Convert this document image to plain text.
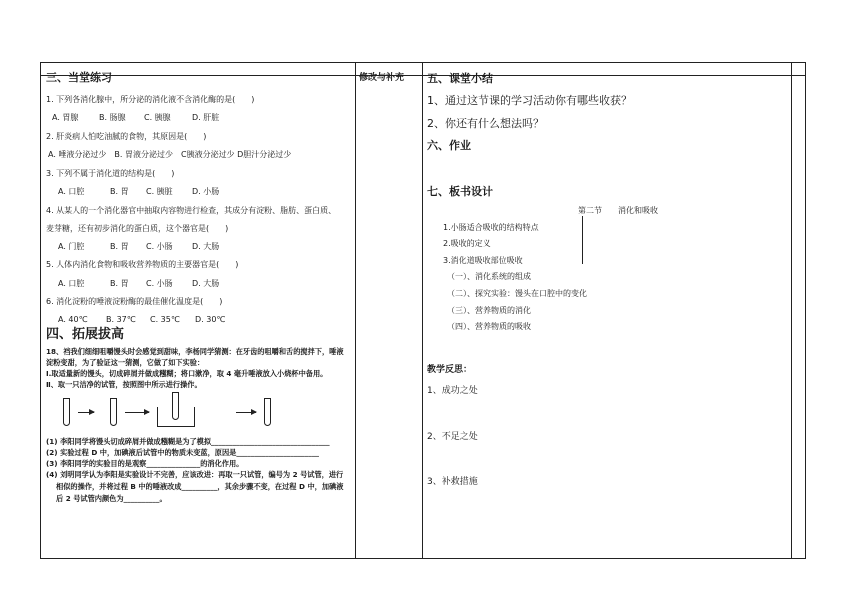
三、当堂练习
1. 下列各消化腺中，所分泌的消化液不含消化酶的是(　　)
A. 胃腺	B. 肠腺 C. 胰腺	D. 肝脏
2. 肝炎病人怕吃油腻的食物，其原因是(　　)
A. 唾液分泌过少　B. 胃液分泌过少　C胰液分泌过少 D胆汁分泌过少
3. 下列不属于消化道的结构是(　　)
A. 口腔	B. 胃 C. 胰脏 D. 小肠
4. 从某人的一个消化器官中抽取内容物进行检查，其成分有淀粉、脂肪、蛋白质、
麦芽糖，还有初步消化的蛋白质，这个器官是(　　)
A. 门腔	B. 胃 C. 小肠 D. 大肠
5. 人体内消化食物和吸收营养物质的主要器官是(　　)
A. 口腔	B. 胃 C. 小肠 D. 大肠
6. 消化淀粉的唾液淀粉酶的最佳催化温度是(　　)
A. 40℃ B. 37℃ C. 35℃ D. 30℃
四、拓展拔高
18、裆我们细细咀嚼馒头时会感觉到甜味，李杨同学猜测：在牙齿的咀嚼和舌的搅拌下，唾液
淀粉变甜，为了验证这一猜测，它做了如下实验：
Ⅰ.取适量新的馒头，切成碎屑并做成糨糊；将口漱净，取 4 毫升唾液放入小烧杯中备用。
Ⅱ、取一只洁净的试管，按照图中所示进行操作。
(1) 李阳同学将馒头切成碎屑并做成糨糊是为了模拟_________________________________
(2) 实验过程 D 中，加碘液后试管中的物质未变蓝，原因是_______________________
(3) 李阳同学的实验目的是观察_______________的消化作用。
(4) 刘明同学认为李阳是实验设计不完善，应该改进：再取一只试管，编号为 2 号试管，进行
相似的操作，并将过程 B 中的唾液改成__________，其余步骤不变，在过程 D 中，加碘液
后 2 号试管内颜色为__________。
修改与补充 五、课堂小结
1、通过这节课的学习活动你有哪些收获？
2、你还有什么想法吗？
六、作业
七、板书设计
第二节　　消化和吸收
1.小肠适合吸收的结构特点
2.吸收的定义
3.消化道吸收部位吸收
（一）、消化系统的组成
（二）、探究实验：馒头在口腔中的变化
（三）、营养物质的消化
（四）、营养物质的吸收
教学反思：
1、成功之处
2、不足之处
3、补救措施
